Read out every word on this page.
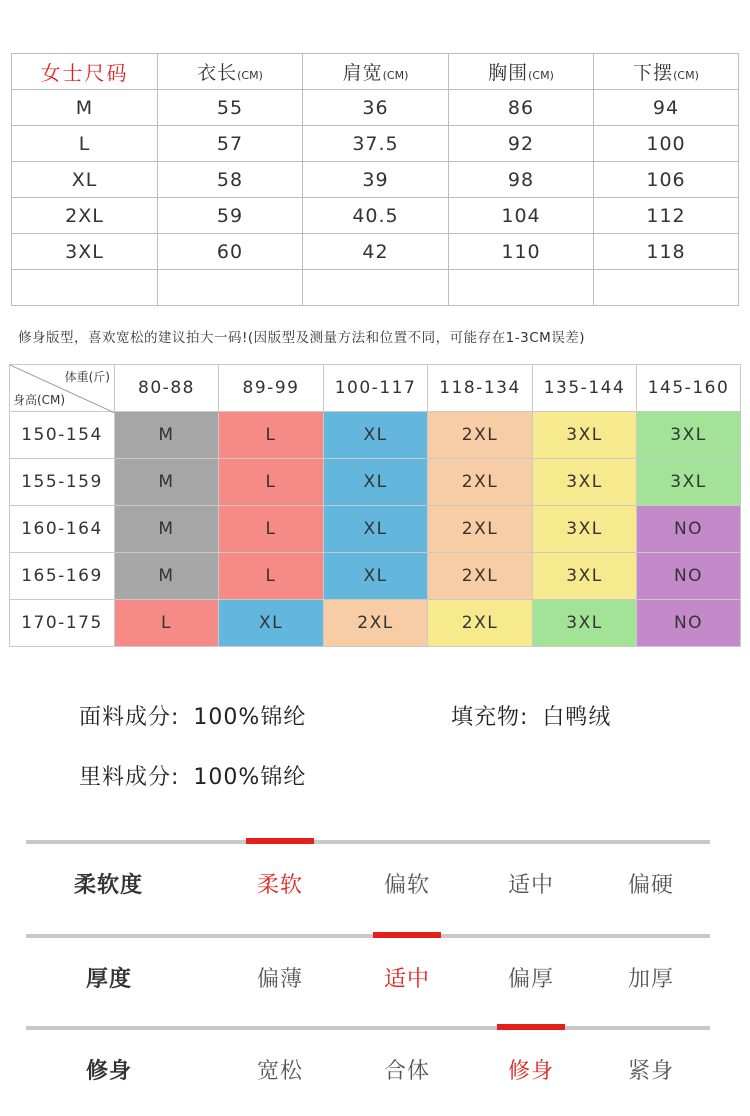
女士尺码	衣长(CM)	肩宽(CM)	胸围(CM)	下摆(CM)
M	55	36	86	94
L	57	37.5	92	100
XL	58	39	98	106
2XL	59	40.5	104	112
3XL	60	42	110	118

修身版型，喜欢宽松的建议拍大一码!(因版型及测量方法和位置不同，可能存在1-3CM误差)
体重(斤)
身高(CM)	80-88	89-99	100-117	118-134	135-144	145-160
150-154	M	L	XL	2XL	3XL	3XL
155-159	M	L	XL	2XL	3XL	3XL
160-164	M	L	XL	2XL	3XL	NO
165-169	M	L	XL	2XL	3XL	NO
170-175	L	XL	2XL	2XL	3XL	NO
面料成分: 100%锦纶	填充物: 白鸭绒
里料成分: 100%锦纶
柔软度	柔软	偏软	适中	偏硬
厚度	偏薄	适中	偏厚	加厚
修身	宽松	合体	修身	紧身
